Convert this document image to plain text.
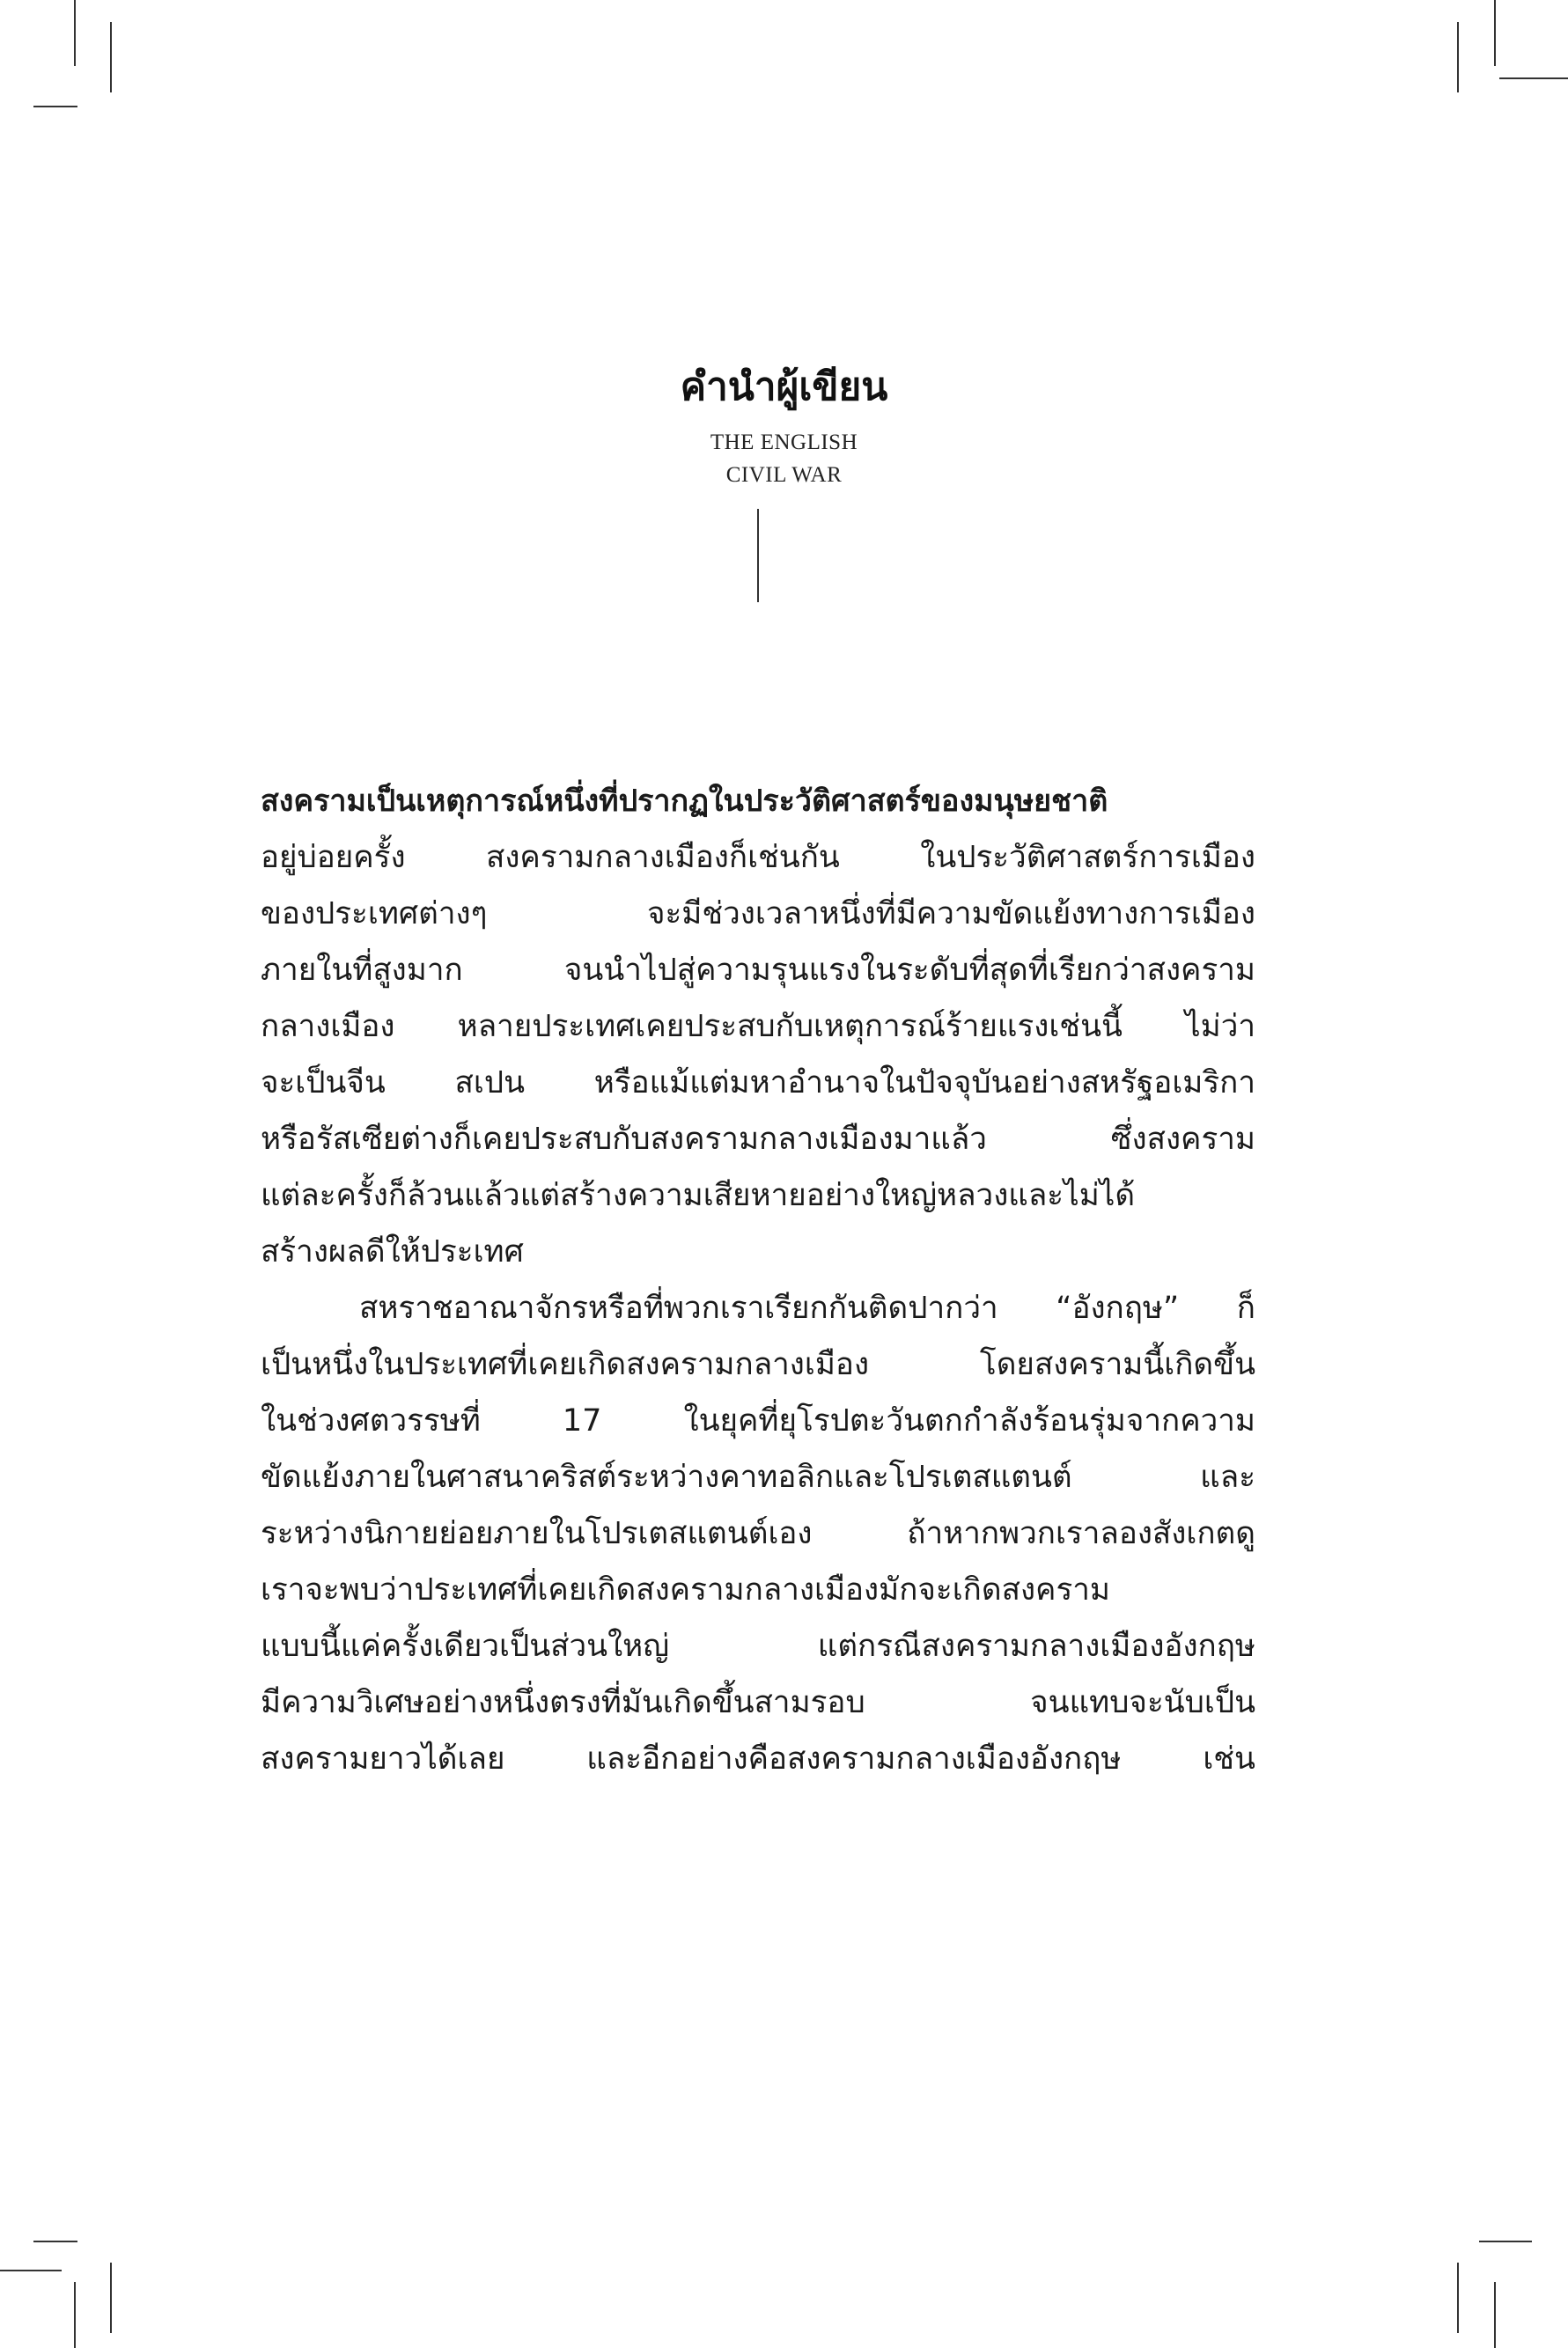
คำนำผู้เขียน
THE ENGLISH
CIVIL WAR
สงครามเป็นเหตุการณ์หนึ่งที่ปรากฏในประวัติศาสตร์ของมนุษยชาติ
อยู่บ่อยครั้ง สงครามกลางเมืองก็เช่นกัน ในประวัติศาสตร์การเมือง
ของประเทศต่างๆ จะมีช่วงเวลาหนึ่งที่มีความขัดแย้งทางการเมือง
ภายในที่สูงมาก จนนำไปสู่ความรุนแรงในระดับที่สุดที่เรียกว่าสงคราม
กลางเมือง หลายประเทศเคยประสบกับเหตุการณ์ร้ายแรงเช่นนี้ ไม่ว่า
จะเป็นจีน สเปน หรือแม้แต่มหาอำนาจในปัจจุบันอย่างสหรัฐอเมริกา
หรือรัสเซียต่างก็เคยประสบกับสงครามกลางเมืองมาแล้ว ซึ่งสงคราม
แต่ละครั้งก็ล้วนแล้วแต่สร้างความเสียหายอย่างใหญ่หลวงและไม่ได้
สร้างผลดีให้ประเทศ
สหราชอาณาจักรหรือที่พวกเราเรียกกันติดปากว่า “อังกฤษ” ก็
เป็นหนึ่งในประเทศที่เคยเกิดสงครามกลางเมือง โดยสงครามนี้เกิดขึ้น
ในช่วงศตวรรษที่ 17 ในยุคที่ยุโรปตะวันตกกำลังร้อนรุ่มจากความ
ขัดแย้งภายในศาสนาคริสต์ระหว่างคาทอลิกและโปรเตสแตนต์ และ
ระหว่างนิกายย่อยภายในโปรเตสแตนต์เอง ถ้าหากพวกเราลองสังเกตดู
เราจะพบว่าประเทศที่เคยเกิดสงครามกลางเมืองมักจะเกิดสงคราม
แบบนี้แค่ครั้งเดียวเป็นส่วนใหญ่ แต่กรณีสงครามกลางเมืองอังกฤษ
มีความวิเศษอย่างหนึ่งตรงที่มันเกิดขึ้นสามรอบ จนแทบจะนับเป็น
สงครามยาวได้เลย และอีกอย่างคือสงครามกลางเมืองอังกฤษ เช่น
